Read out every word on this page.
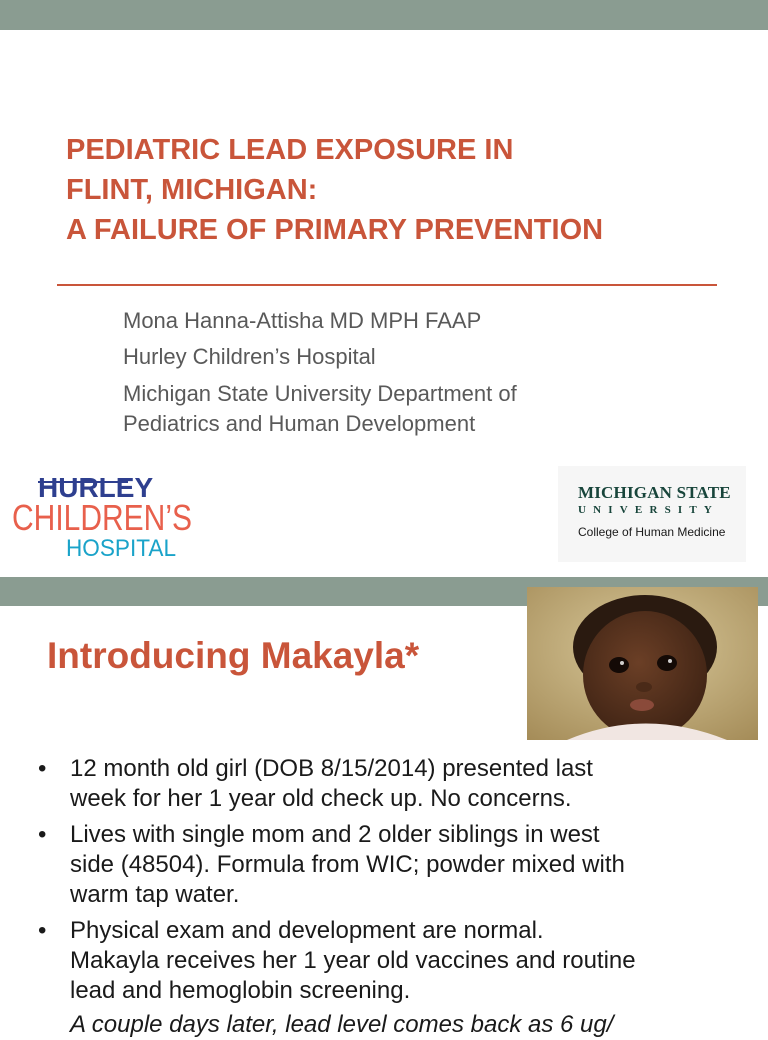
PEDIATRIC LEAD EXPOSURE IN
FLINT, MICHIGAN:
A FAILURE OF PRIMARY PREVENTION
Mona Hanna-Attisha MD MPH FAAP
Hurley Children’s Hospital
Michigan State University Department of
Pediatrics and Human Development
HURLEY
CHILDREN’S
HOSPITAL
MICHIGAN STATE
UNIVERSITY
College of Human Medicine
Introducing Makayla*
• 12 month old girl (DOB 8/15/2014) presented last
week for her 1 year old check up. No concerns.
• Lives with single mom and 2 older siblings in west
side (48504). Formula from WIC; powder mixed with
warm tap water.
• Physical exam and development are normal.
Makayla receives her 1 year old vaccines and routine
lead and hemoglobin screening.
A couple days later, lead level comes back as 6 ug/
